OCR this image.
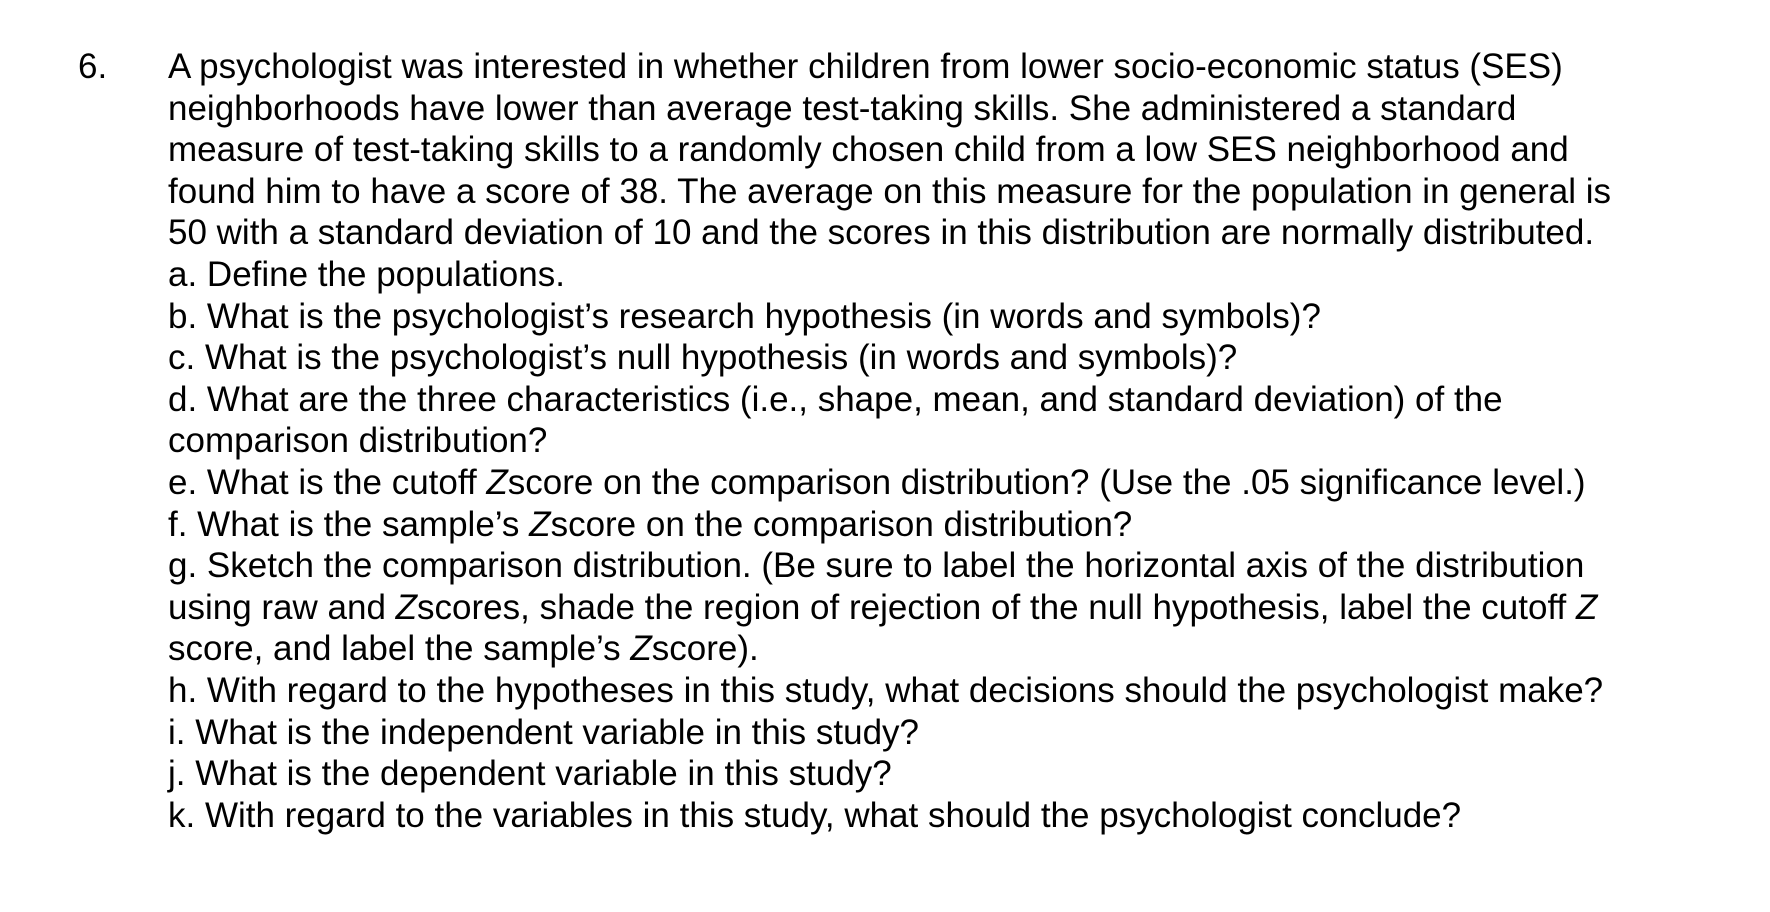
6. A psychologist was interested in whether children from lower socio-economic status (SES)
neighborhoods have lower than average test-taking skills. She administered a standard
measure of test-taking skills to a randomly chosen child from a low SES neighborhood and
found him to have a score of 38. The average on this measure for the population in general is
50 with a standard deviation of 10 and the scores in this distribution are normally distributed.
a. Define the populations.
b. What is the psychologist’s research hypothesis (in words and symbols)?
c. What is the psychologist’s null hypothesis (in words and symbols)?
d. What are the three characteristics (i.e., shape, mean, and standard deviation) of the
comparison distribution?
e. What is the cutoff Zscore on the comparison distribution? (Use the .05 significance level.)
f. What is the sample’s Zscore on the comparison distribution?
g. Sketch the comparison distribution. (Be sure to label the horizontal axis of the distribution
using raw and Zscores, shade the region of rejection of the null hypothesis, label the cutoff Z
score, and label the sample’s Zscore).
h. With regard to the hypotheses in this study, what decisions should the psychologist make?
i. What is the independent variable in this study?
j. What is the dependent variable in this study?
k. With regard to the variables in this study, what should the psychologist conclude?
